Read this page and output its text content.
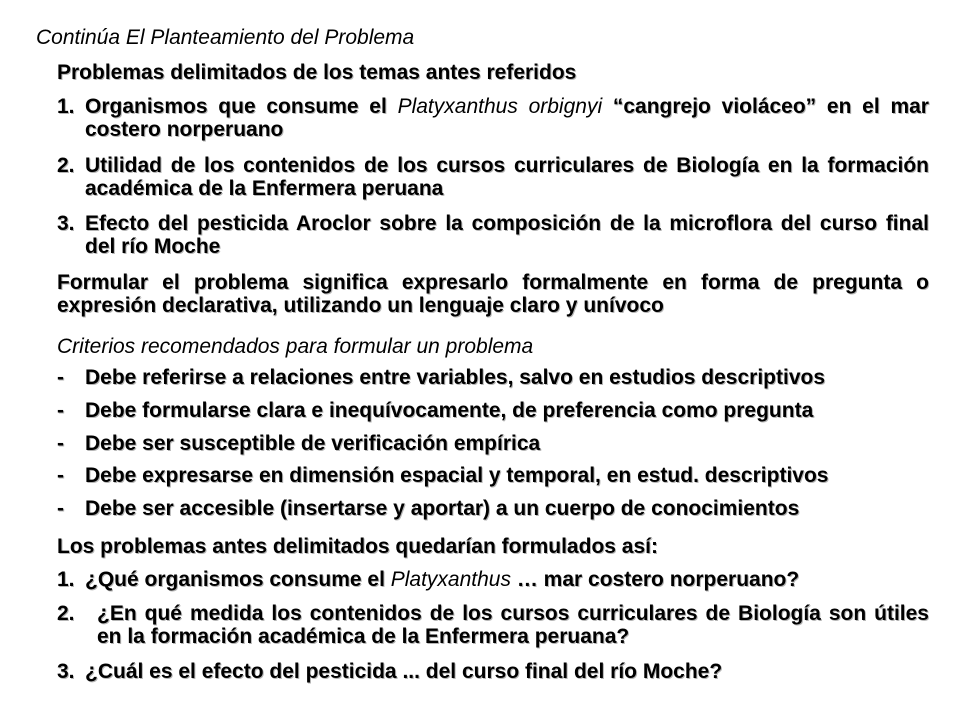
Continúa El Planteamiento del Problema
Problemas delimitados de los temas antes referidos
1. Organismos que consume el Platyxanthus orbignyi “cangrejo violáceo” en el mar costero norperuano
2. Utilidad de los contenidos de los cursos curriculares de Biología en la formación académica de la Enfermera peruana
3. Efecto del pesticida Aroclor sobre la composición de la microflora del curso final del río Moche
Formular el problema significa expresarlo formalmente en forma de pregunta o expresión declarativa, utilizando un lenguaje claro y unívoco
Criterios recomendados para formular un problema
-	Debe referirse a relaciones entre variables, salvo en estudios descriptivos
-	Debe formularse clara e inequívocamente, de preferencia como pregunta
-	Debe ser susceptible de verificación empírica
-	Debe expresarse en dimensión espacial y temporal, en estud. descriptivos
-	Debe ser accesible (insertarse y aportar) a un cuerpo de conocimientos
Los problemas antes delimitados quedarían formulados así:
1. ¿Qué organismos consume el Platyxanthus … mar costero norperuano?
2.	¿En qué medida los contenidos de los cursos curriculares de Biología son útiles en la formación académica de la Enfermera peruana?
3. ¿Cuál es el efecto del pesticida ... del curso final del río Moche?
